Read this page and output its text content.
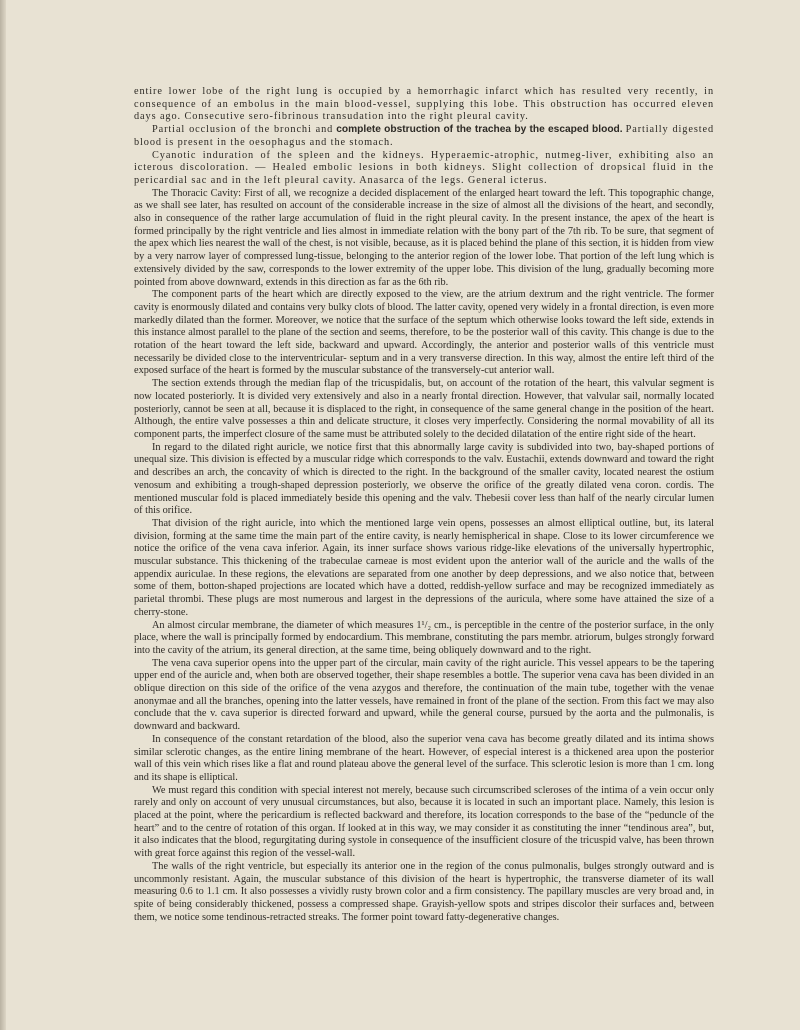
entire lower lobe of the right lung is occupied by a hemorrhagic infarct which has resulted very recently, in consequence of an embolus in the main blood-vessel, supplying this lobe. This obstruction has occurred eleven days ago. Consecutive sero-fibrinous transudation into the right pleural cavity.

Partial occlusion of the bronchi and complete obstruction of the trachea by the escaped blood. Partially digested blood is present in the oesophagus and the stomach.

Cyanotic induration of the spleen and the kidneys. Hyperaemic-atrophic, nutmeg-liver, exhibiting also an icterous discoloration. — Healed embolic lesions in both kidneys. Slight collection of dropsical fluid in the pericardial sac and in the left pleural cavity. Anasarca of the legs. General icterus.

The Thoracic Cavity: First of all, we recognize a decided displacement of the enlarged heart toward the left. This topographic change, as we shall see later, has resulted on account of the considerable increase in the size of almost all the divisions of the heart, and secondly, also in consequence of the rather large accumulation of fluid in the right pleural cavity. In the present instance, the apex of the heart is formed principally by the right ventricle and lies almost in immediate relation with the bony part of the 7th rib. To be sure, that segment of the apex which lies nearest the wall of the chest, is not visible, because, as it is placed behind the plane of this section, it is hidden from view by a very narrow layer of compressed lung-tissue, belonging to the anterior region of the lower lobe. That portion of the left lung which is extensively divided by the saw, corresponds to the lower extremity of the upper lobe. This division of the lung, gradually becoming more pointed from above downward, extends in this direction as far as the 6th rib.

The component parts of the heart which are directly exposed to the view, are the atrium dextrum and the right ventricle. The former cavity is enormously dilated and contains very bulky clots of blood. The latter cavity, opened very widely in a frontal direction, is even more markedly dilated than the former. Moreover, we notice that the surface of the septum which otherwise looks toward the left side, extends in this instance almost parallel to the plane of the section and seems, therefore, to be the posterior wall of this cavity. This change is due to the rotation of the heart toward the left side, backward and upward. Accordingly, the anterior and posterior walls of this ventricle must necessarily be divided close to the interventricular- septum and in a very transverse direction. In this way, almost the entire left third of the exposed surface of the heart is formed by the muscular substance of the transversely-cut anterior wall.

The section extends through the median flap of the tricuspidalis, but, on account of the rotation of the heart, this valvular segment is now located posteriorly. It is divided very extensively and also in a nearly frontal direction. However, that valvular sail, normally located posteriorly, cannot be seen at all, because it is displaced to the right, in consequence of the same general change in the position of the heart. Although, the entire valve possesses a thin and delicate structure, it closes very imperfectly. Considering the normal movability of all its component parts, the imperfect closure of the same must be attributed solely to the decided dilatation of the entire right side of the heart.

In regard to the dilated right auricle, we notice first that this abnormally large cavity is subdivided into two, bay-shaped portions of unequal size. This division is effected by a muscular ridge which corresponds to the valv. Eustachii, extends downward and toward the right and describes an arch, the concavity of which is directed to the right. In the background of the smaller cavity, located nearest the ostium venosum and exhibiting a trough-shaped depression posteriorly, we observe the orifice of the greatly dilated vena coron. cordis. The mentioned muscular fold is placed immediately beside this opening and the valv. Thebesii cover less than half of the nearly circular lumen of this orifice.

That division of the right auricle, into which the mentioned large vein opens, possesses an almost elliptical outline, but, its lateral division, forming at the same time the main part of the entire cavity, is nearly hemispherical in shape. Close to its lower circumference we notice the orifice of the vena cava inferior. Again, its inner surface shows various ridge-like elevations of the universally hypertrophic, muscular substance. This thickening of the trabeculae carneae is most evident upon the anterior wall of the auricle and the walls of the appendix auriculae. In these regions, the elevations are separated from one another by deep depressions, and we also notice that, between some of them, botton-shaped projections are located which have a dotted, reddish-yellow surface and may be recognized immediately as parietal thrombi. These plugs are most numerous and largest in the depressions of the auricula, where some have attained the size of a cherry-stone.

An almost circular membrane, the diameter of which measures 1¹/₂ cm., is perceptible in the centre of the posterior surface, in the only place, where the wall is principally formed by endocardium. This membrane, constituting the pars membr. atriorum, bulges strongly forward into the cavity of the atrium, its general direction, at the same time, being obliquely downward and to the right.

The vena cava superior opens into the upper part of the circular, main cavity of the right auricle. This vessel appears to be the tapering upper end of the auricle and, when both are observed together, their shape resembles a bottle. The superior vena cava has been divided in an oblique direction on this side of the orifice of the vena azygos and therefore, the continuation of the main tube, together with the venae anonymae and all the branches, opening into the latter vessels, have remained in front of the plane of the section. From this fact we may also conclude that the v. cava superior is directed forward and upward, while the general course, pursued by the aorta and the pulmonalis, is downward and backward.

In consequence of the constant retardation of the blood, also the superior vena cava has become greatly dilated and its intima shows similar sclerotic changes, as the entire lining membrane of the heart. However, of especial interest is a thickened area upon the posterior wall of this vein which rises like a flat and round plateau above the general level of the surface. This sclerotic lesion is more than 1 cm. long and its shape is elliptical.

We must regard this condition with special interest not merely, because such circumscribed scleroses of the intima of a vein occur only rarely and only on account of very unusual circumstances, but also, because it is located in such an important place. Namely, this lesion is placed at the point, where the pericardium is reflected backward and therefore, its location corresponds to the base of the “peduncle of the heart” and to the centre of rotation of this organ. If looked at in this way, we may consider it as constituting the inner “tendinous area”, but, it also indicates that the blood, regurgitating during systole in consequence of the insufficient closure of the tricuspid valve, has been thrown with great force against this region of the vessel-wall.

The walls of the right ventricle, but especially its anterior one in the region of the conus pulmonalis, bulges strongly outward and is uncommonly resistant. Again, the muscular substance of this division of the heart is hypertrophic, the transverse diameter of its wall measuring 0.6 to 1.1 cm. It also possesses a vividly rusty brown color and a firm consistency. The papillary muscles are very broad and, in spite of being considerably thickened, possess a compressed shape. Grayish-yellow spots and stripes discolor their surfaces and, between them, we notice some tendinous-retracted streaks. The former point toward fatty-degenerative changes.
